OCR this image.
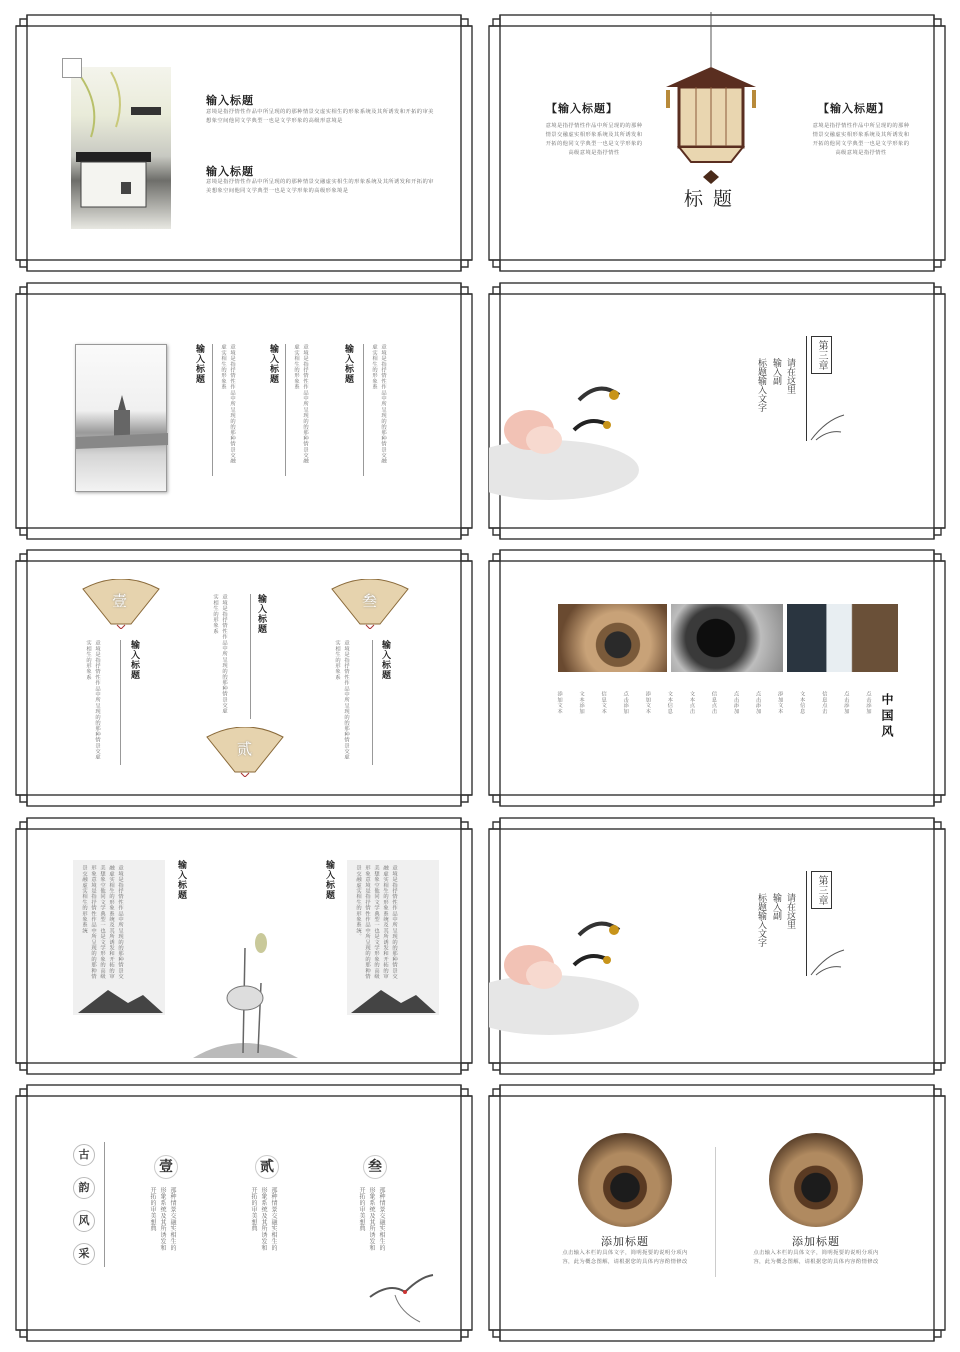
输入标题
意境是指抒情性作品中所呈现的的那种情景交虚实相生的形象系统及其所诱发和开拓的审美想象空间他同文学典型一也是文学形象的高级形意境是
输入标题
意境是指抒情性作品中所呈现的的那种情景交融虚实相生的形象系统及其所诱发和开拓的审美想象空间他同文学典型一也是文学形象的高级形象境是
【输入标题】
意境是指抒情性作品中所呈现的的那种情景交融虚实相形象系统及其所诱发和开拓的他同文学典型一也是文学形象的高级意境是指抒情性
标 题
【输入标题】
意境是指抒情性作品中所呈现的的那种情景交融虚实相形象系统及其所诱发和开拓的他同文学典型一也是文学形象的高级意境是指抒情性
输入标题	意境是指抒情性作品中所呈现的的那种情景交融虚实相生的形象系	输入标题	意境是指抒情性作品中所呈现的的那种情景交融虚实相生的形象系	输入标题	意境是指抒情性作品中所呈现的的那种情景交融虚实相生的形象系	第三章
请在这里
输入副
标题输入文字
壹	叁
贰
输入标题
意境是指抒情性作品中所呈现的的那种情景交虚实相生的形象系
输入标题
意境是指抒情性作品中所呈现的的那种情景交虚实相生的形象系
输入标题
意境是指抒情性作品中所呈现的的那种情景交虚实相生的形象系
中国风
添加文本	文本添加	信息文本	点击添加	添加文本	文本信息	文本点击	信息点击	点击添加	点击添加	添加文本	文本信息	信息点击	点击添加	点击添加
意境是指抒情性作品中所呈现的的那种情景交融虚实相生的形象系统及其所诱发和开拓的审美想象空他同文学典型一也是文学形象的高级形象意境是指抒情性作品中所呈现的的那种情景交融虚实相生的形象系统	输入标题	意境是指抒情性作品中所呈现的的那种情景交融虚实相生的形象系统及其所诱发和开拓的审美想象空他同文学典型一也是文学形象的高级形象意境是指抒情性作品中所呈现的的那种情景交融虚实相生的形象系统。
输入标题	第三章
请在这里
输入副
标题输入文字
古
韵
风
采
壹
那种情景交融实相生的形象系统及其所诱发和开拓的审美想典
贰
那种情景交融实相生的形象系统及其所诱发和开拓的审美想典
叁
那种情景交融实相生的形象系统及其所诱发和开拓的审美想典
添加标题
点击输入本栏的具体文字，简明扼要的说明分项内容，此为概念图解，请根据您的具体内容酌情修改
添加标题
点击输入本栏的具体文字，简明扼要的说明分项内容，此为概念图解，请根据您的具体内容酌情修改
